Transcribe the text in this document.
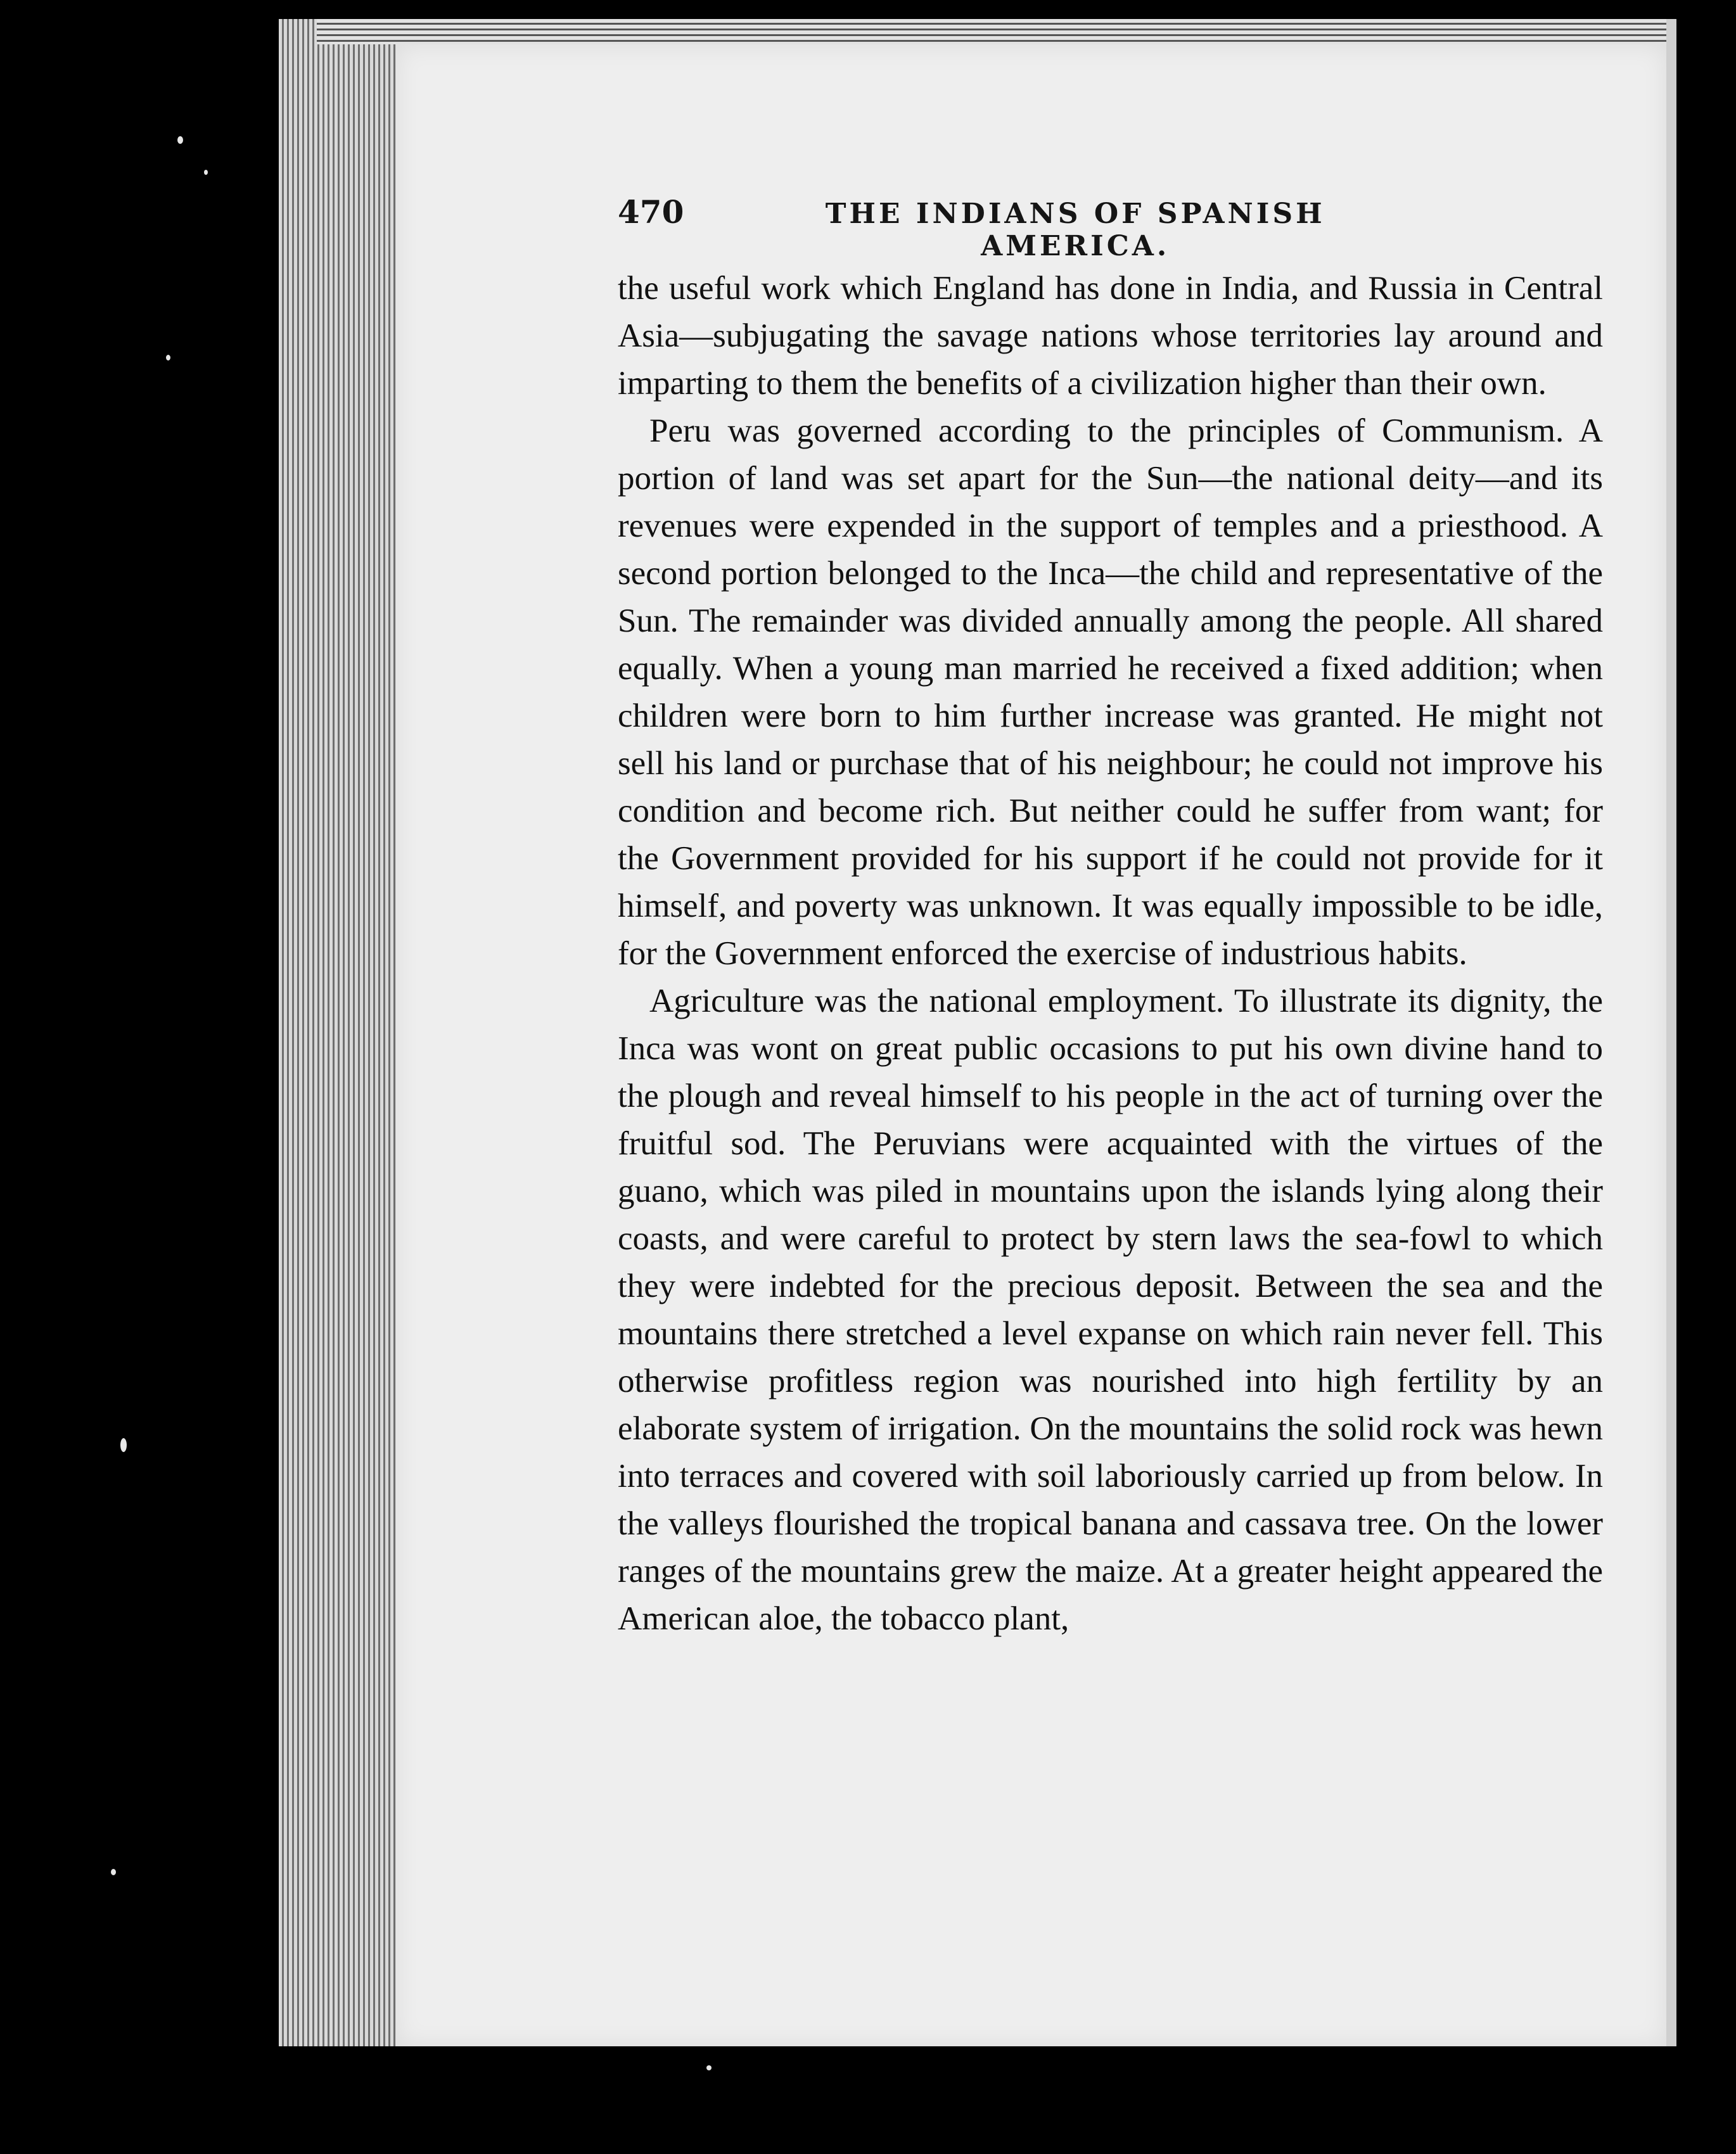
470	THE INDIANS OF SPANISH AMERICA.

the useful work which England has done in India, and Russia in Central Asia—subjugating the savage nations whose territories lay around and imparting to them the benefits of a civilization higher than their own.

Peru was governed according to the principles of Communism. A portion of land was set apart for the Sun—the national deity—and its revenues were expended in the support of temples and a priesthood. A second portion belonged to the Inca—the child and representative of the Sun. The remainder was divided annually among the people. All shared equally. When a young man married he received a fixed addition; when children were born to him further increase was granted. He might not sell his land or purchase that of his neighbour; he could not improve his condition and become rich. But neither could he suffer from want; for the Government provided for his support if he could not provide for it himself, and poverty was unknown. It was equally impossible to be idle, for the Government enforced the exercise of industrious habits.

Agriculture was the national employment. To illustrate its dignity, the Inca was wont on great public occasions to put his own divine hand to the plough and reveal himself to his people in the act of turning over the fruitful sod. The Peruvians were acquainted with the virtues of the guano, which was piled in mountains upon the islands lying along their coasts, and were careful to protect by stern laws the sea-fowl to which they were indebted for the precious deposit. Between the sea and the mountains there stretched a level expanse on which rain never fell. This otherwise profitless region was nourished into high fertility by an elaborate system of irrigation. On the mountains the solid rock was hewn into terraces and covered with soil laboriously carried up from below. In the valleys flourished the tropical banana and cassava tree. On the lower ranges of the mountains grew the maize. At a greater height appeared the American aloe, the tobacco plant,
